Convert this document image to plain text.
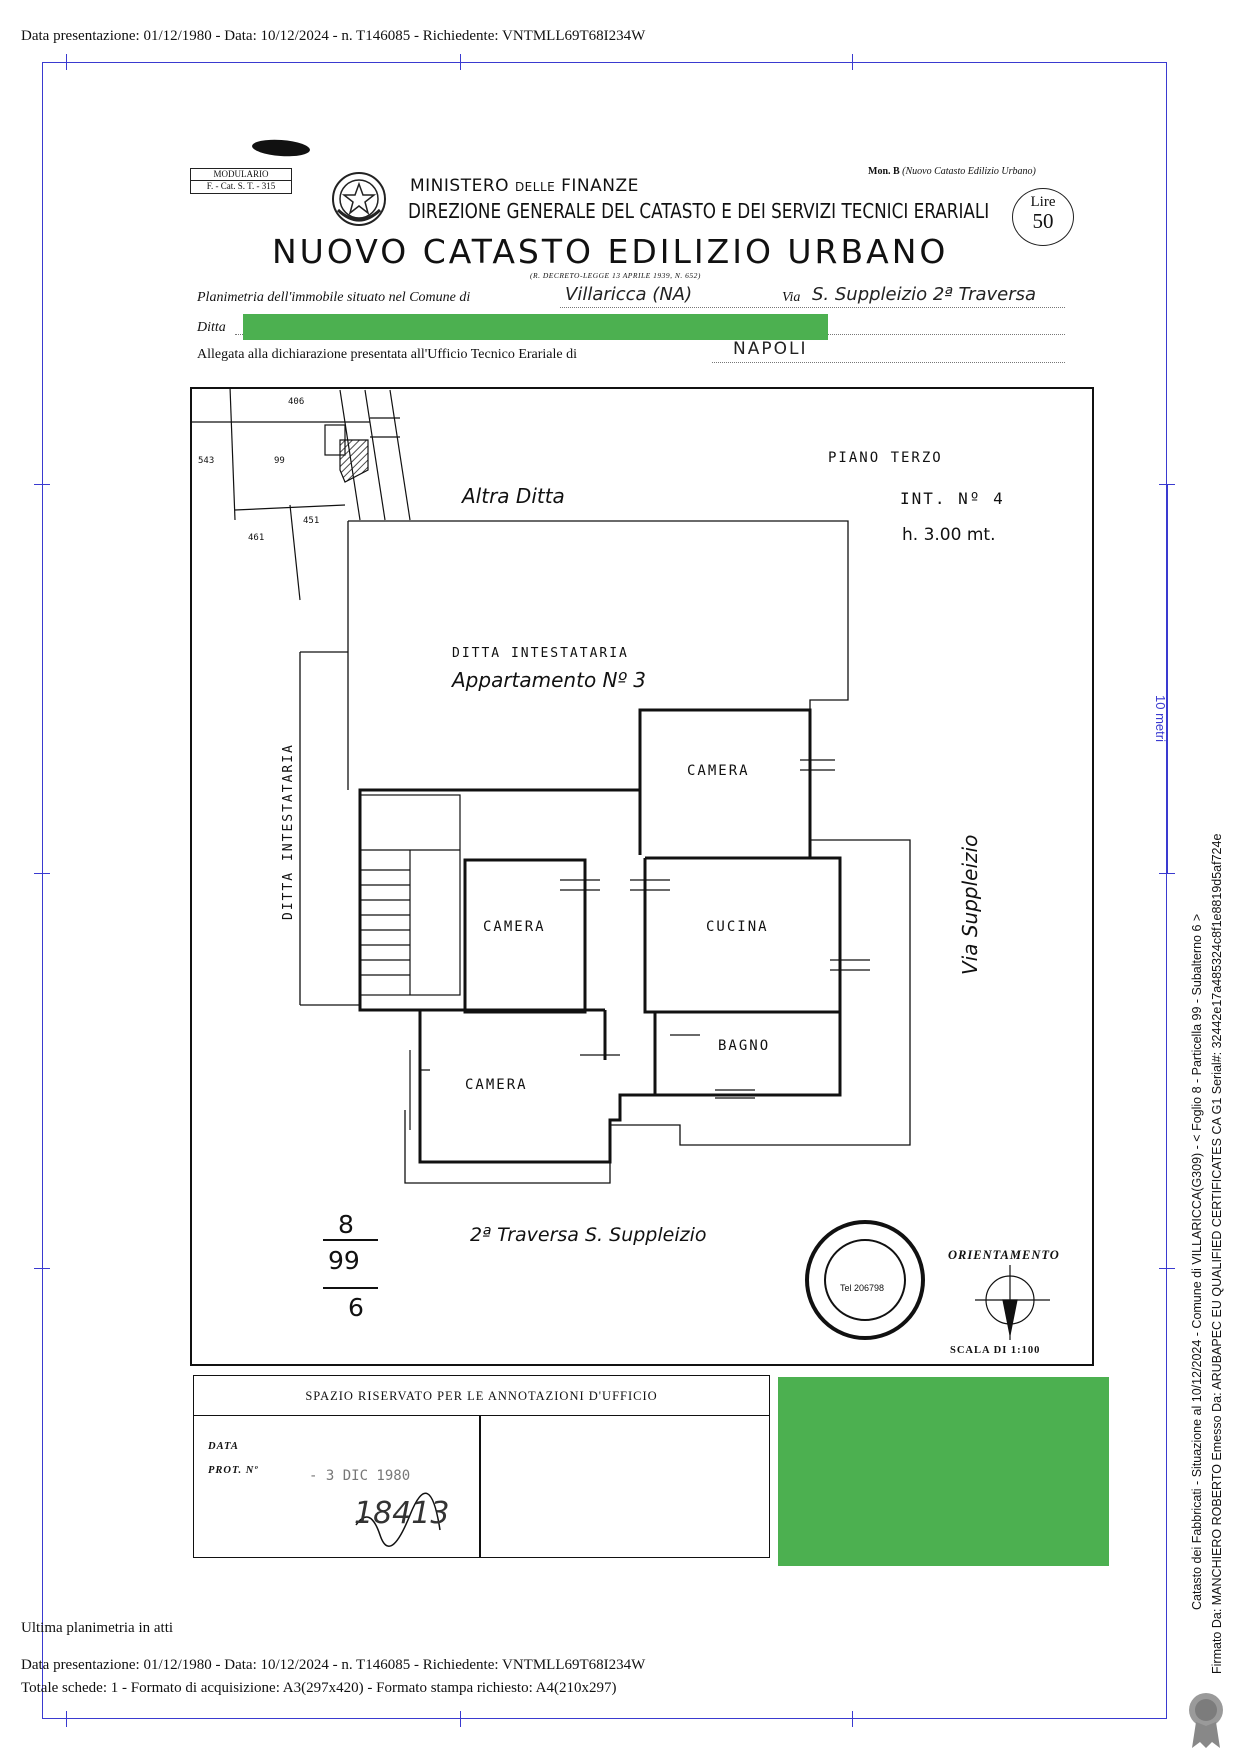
Data presentazione: 01/12/1980 - Data: 10/12/2024 - n. T146085 - Richiedente: VNTMLL69T68I234W
MODULARIO
F. - Cat. S. T. - 315
Mon. B (Nuovo Catasto Edilizio Urbano)
MINISTERO DELLE FINANZE
DIREZIONE GENERALE DEL CATASTO E DEI SERVIZI TECNICI ERARIALI
NUOVO CATASTO EDILIZIO URBANO
(R. DECRETO-LEGGE 13 APRILE 1939, N. 652)
Lire
50
Planimetria dell'immobile situato nel Comune di	Villaricca (NA)	Via S. Suppleizio 2ª Traversa
Ditta
Allegata alla dichiarazione presentata all'Ufficio Tecnico Erariale di	NAPOLI
406
543	99
461
451
PIANO TERZO
INT. Nº 4
h. 3.00 mt.
Altra Ditta
DITTA INTESTATARIA
Appartamento Nº 3
DITTA INTESTATARIA	Via Suppleizio
2ª Traversa S. Suppleizio
CAMERA
CAMERA	CUCINA
BAGNO
CAMERA
ORIENTAMENTO
SCALA DI 1:100
Tel 206798
8
99
6
SPAZIO RISERVATO PER LE ANNOTAZIONI D'UFFICIO
DATA
PROT. Nº	- 3 DIC 1980
18413
10 metri
Catasto dei Fabbricati - Situazione al 10/12/2024 - Comune di VILLARICCA(G309) - < Foglio 8 - Particella 99 - Subalterno 6 > Firmato Da: MANCHIERO ROBERTO Emesso Da: ARUBAPEC EU QUALIFIED CERTIFICATES CA G1 Serial#: 32442e17a485324c8f1e8819d5af724e
Ultima planimetria in atti
Data presentazione: 01/12/1980 - Data: 10/12/2024 - n. T146085 - Richiedente: VNTMLL69T68I234W
Totale schede: 1 - Formato di acquisizione: A3(297x420) - Formato stampa richiesto: A4(210x297)
